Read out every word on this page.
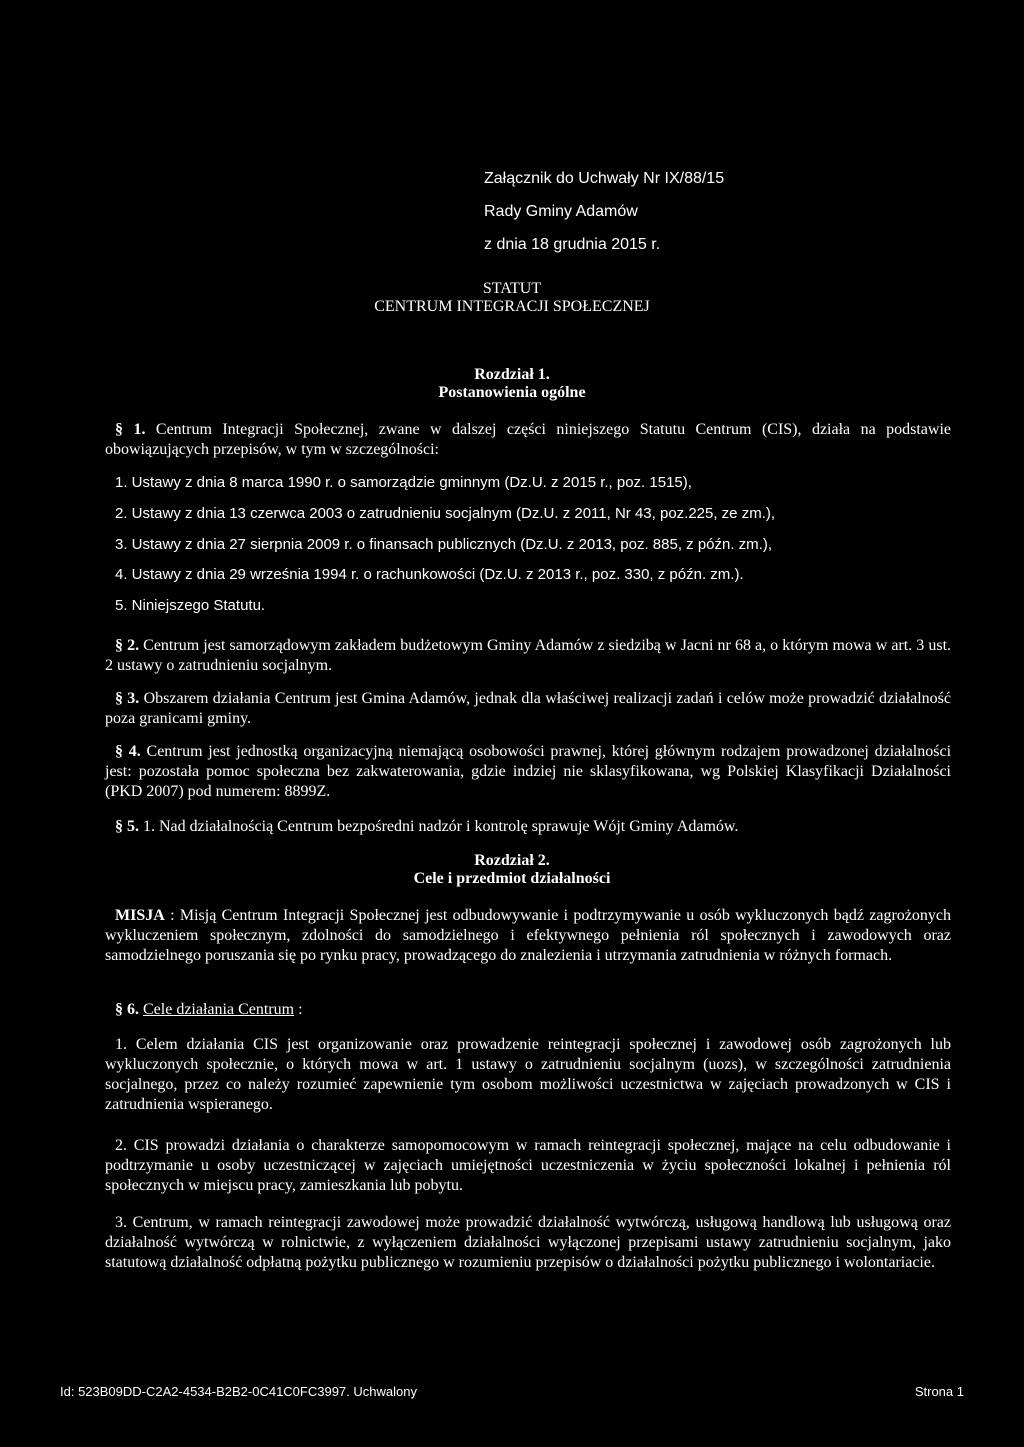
Załącznik do Uchwały Nr IX/88/15
Rady Gminy Adamów
z dnia 18 grudnia 2015 r.
STATUT
CENTRUM INTEGRACJI SPOŁECZNEJ
Rozdział 1.
Postanowienia ogólne
§ 1. Centrum Integracji Społecznej, zwane w dalszej części niniejszego Statutu Centrum (CIS), działa na podstawie obowiązujących przepisów, w tym w szczególności:
1. Ustawy z dnia 8 marca 1990 r. o samorządzie gminnym (Dz.U. z 2015 r., poz. 1515),
2. Ustawy z dnia 13 czerwca 2003 o zatrudnieniu socjalnym (Dz.U. z 2011, Nr 43, poz.225, ze zm.),
3. Ustawy z dnia 27 sierpnia 2009 r. o finansach publicznych (Dz.U. z 2013, poz. 885, z późn. zm.),
4. Ustawy z dnia 29 września 1994 r. o rachunkowości (Dz.U. z 2013 r., poz. 330, z późn. zm.).
5. Niniejszego Statutu.
§ 2. Centrum jest samorządowym zakładem budżetowym Gminy Adamów z siedzibą w Jacni nr 68 a, o którym mowa w art. 3 ust. 2 ustawy o zatrudnieniu socjalnym.
§ 3. Obszarem działania Centrum jest Gmina Adamów, jednak dla właściwej realizacji zadań i celów może prowadzić działalność poza granicami gminy.
§ 4. Centrum jest jednostką organizacyjną niemającą osobowości prawnej, której głównym rodzajem prowadzonej działalności jest: pozostała pomoc społeczna bez zakwaterowania, gdzie indziej nie sklasyfikowana, wg Polskiej Klasyfikacji Działalności (PKD 2007) pod numerem: 8899Z.
§ 5. 1. Nad działalnością Centrum bezpośredni nadzór i kontrolę sprawuje Wójt Gminy Adamów.
Rozdział 2.
Cele i przedmiot działalności
MISJA : Misją Centrum Integracji Społecznej jest odbudowywanie i podtrzymywanie u osób wykluczonych bądź zagrożonych wykluczeniem społecznym, zdolności do samodzielnego i efektywnego pełnienia ról społecznych i zawodowych oraz samodzielnego poruszania się po rynku pracy, prowadzącego do znalezienia i utrzymania zatrudnienia w różnych formach.
§ 6. Cele działania Centrum :
1. Celem działania CIS jest organizowanie oraz prowadzenie reintegracji społecznej i zawodowej osób zagrożonych lub wykluczonych społecznie, o których mowa w art. 1 ustawy o zatrudnieniu socjalnym (uozs), w szczególności zatrudnienia socjalnego, przez co należy rozumieć zapewnienie tym osobom możliwości uczestnictwa w zajęciach prowadzonych w CIS i zatrudnienia wspieranego.
2. CIS prowadzi działania o charakterze samopomocowym w ramach reintegracji społecznej, mające na celu odbudowanie i podtrzymanie u osoby uczestniczącej w zajęciach umiejętności uczestniczenia w życiu społeczności lokalnej i pełnienia ról społecznych w miejscu pracy, zamieszkania lub pobytu.
3. Centrum, w ramach reintegracji zawodowej może prowadzić działalność wytwórczą, usługową handlową lub usługową oraz działalność wytwórczą w rolnictwie, z wyłączeniem działalności wyłączonej przepisami ustawy zatrudnieniu socjalnym, jako statutową działalność odpłatną pożytku publicznego w rozumieniu przepisów o działalności pożytku publicznego i wolontariacie.
Id: 523B09DD-C2A2-4534-B2B2-0C41C0FC3997. Uchwalony	Strona 1
